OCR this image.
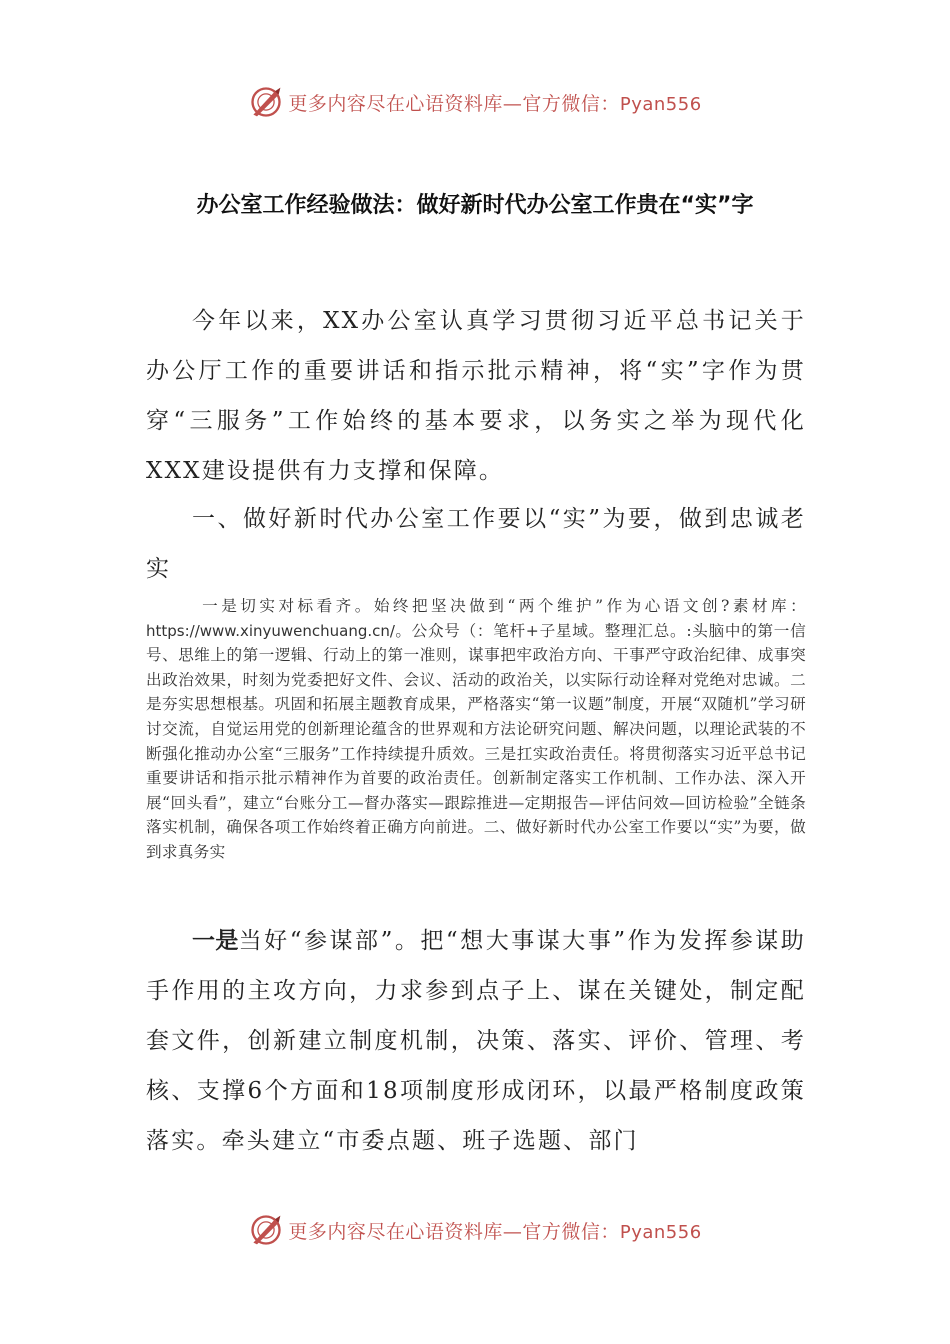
更多内容尽在心语资料库—官方微信：Pyan556
办公室工作经验做法：做好新时代办公室工作贵在“实”字

今年以来，XX办公室认真学习贯彻习近平总书记关于办公厅工作的重要讲话和指示批示精神，将“实”字作为贯穿“三服务”工作始终的基本要求，以务实之举为现代化XXX建设提供有力支撑和保障。

一、做好新时代办公室工作要以“实”为要，做到忠诚老实

一是切实对标看齐。始终把坚决做到“两个维护”作为心语文创?素材库：https://www.xinyuwenchuang.cn/。公众号（：笔杆+子星域。整理汇总。:头脑中的第一信号、思维上的第一逻辑、行动上的第一准则，谋事把牢政治方向、干事严守政治纪律、成事突出政治效果，时刻为党委把好文件、会议、活动的政治关，以实际行动诠释对党绝对忠诚。二是夯实思想根基。巩固和拓展主题教育成果，严格落实“第一议题”制度，开展“双随机”学习研讨交流，自觉运用党的创新理论蕴含的世界观和方法论研究问题、解决问题，以理论武装的不断强化推动办公室“三服务”工作持续提升质效。三是扛实政治责任。将贯彻落实习近平总书记重要讲话和指示批示精神作为首要的政治责任。创新制定落实工作机制、工作办法、深入开展“回头看”，建立“台账分工—督办落实—跟踪推进—定期报告—评估问效—回访检验”全链条落实机制，确保各项工作始终着正确方向前进。二、做好新时代办公室工作要以“实”为要，做到求真务实

一是当好“参谋部”。把“想大事谋大事”作为发挥参谋助手作用的主攻方向，力求参到点子上、谋在关键处，制定配套文件，创新建立制度机制，决策、落实、评价、管理、考核、支撑6个方面和18项制度形成闭环，以最严格制度政策落实。牵头建立“市委点题、班子选题、部门

更多内容尽在心语资料库—官方微信：Pyan556
